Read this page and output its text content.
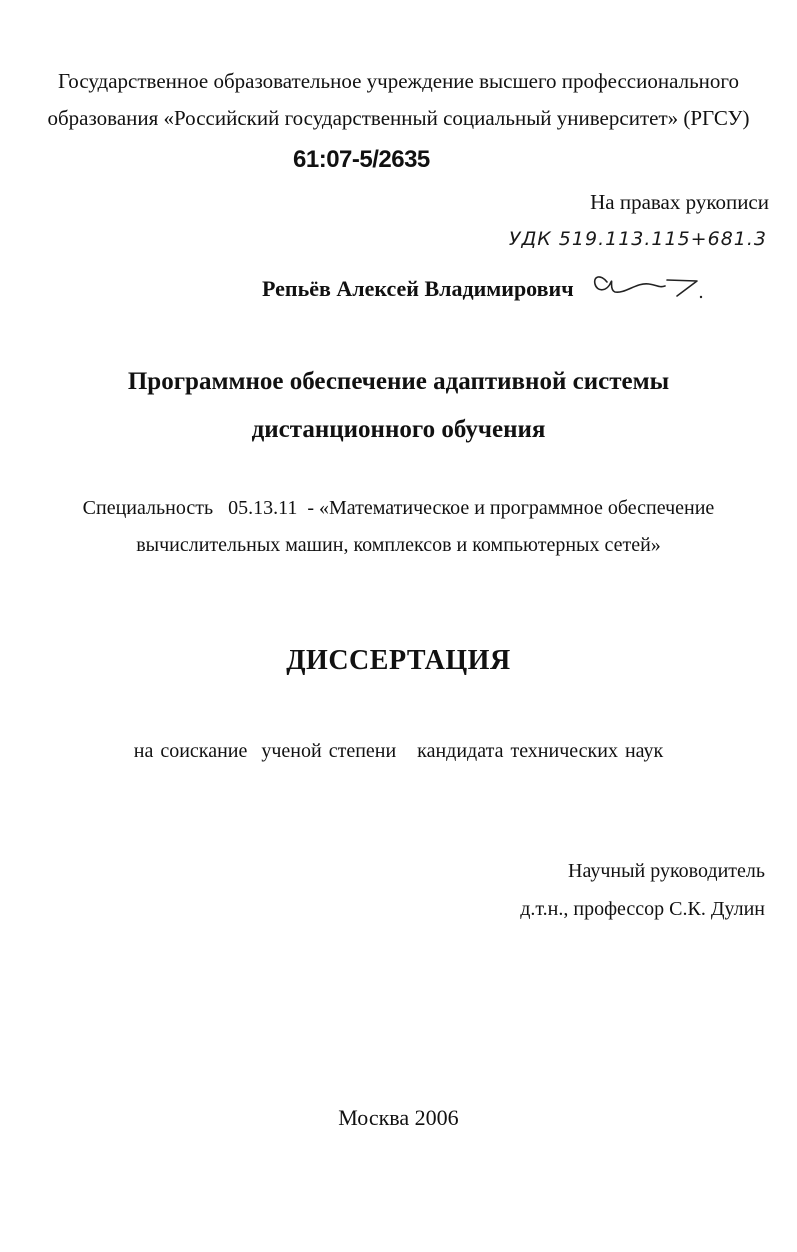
Государственное образовательное учреждение высшего профессионального
образования «Российский государственный социальный университет» (РГСУ)
61:07-5/2635
На правах рукописи
УДК 519.113.115+681.3
Репьёв Алексей Владимирович
Программное обеспечение адаптивной системы
дистанционного обучения
Специальность   05.13.11  - «Математическое и программное обеспечение
вычислительных машин, комплексов и компьютерных сетей»
ДИССЕРТАЦИЯ
на соискание  ученой степени   кандидата технических наук
Научный руководитель
д.т.н., профессор С.К. Дулин
Москва 2006
